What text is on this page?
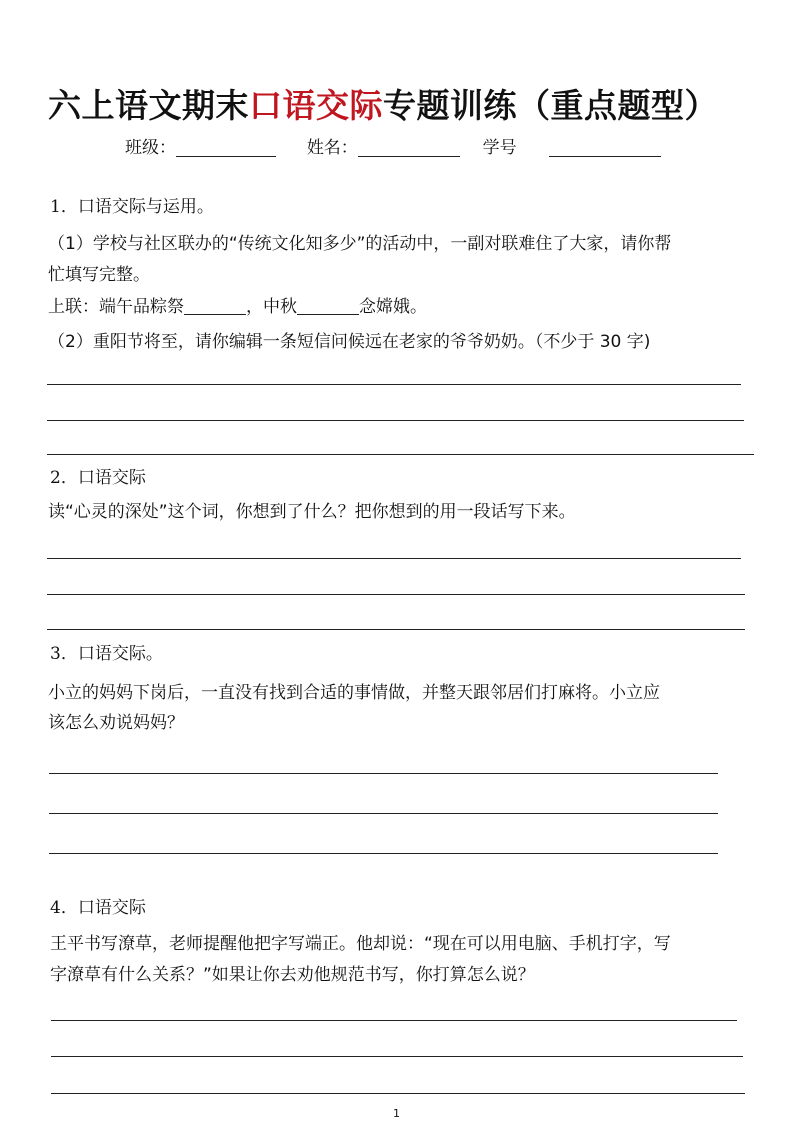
六上语文期末口语交际专题训练（重点题型）
班级：	姓名：	学号
1．口语交际与运用。
（1）学校与社区联办的“传统文化知多少”的活动中，一副对联难住了大家，请你帮
忙填写完整。
上联：端午品粽祭	，中秋	念嫦娥。
（2）重阳节将至，请你编辑一条短信问候远在老家的爷爷奶奶。（不少于 30 字)
2．口语交际
读“心灵的深处”这个词，你想到了什么？把你想到的用一段话写下来。
3．口语交际。
小立的妈妈下岗后，一直没有找到合适的事情做，并整天跟邻居们打麻将。小立应
该怎么劝说妈妈？
4．口语交际
王平书写潦草，老师提醒他把字写端正。他却说：“现在可以用电脑、手机打字，写
字潦草有什么关系？”如果让你去劝他规范书写，你打算怎么说？
1
